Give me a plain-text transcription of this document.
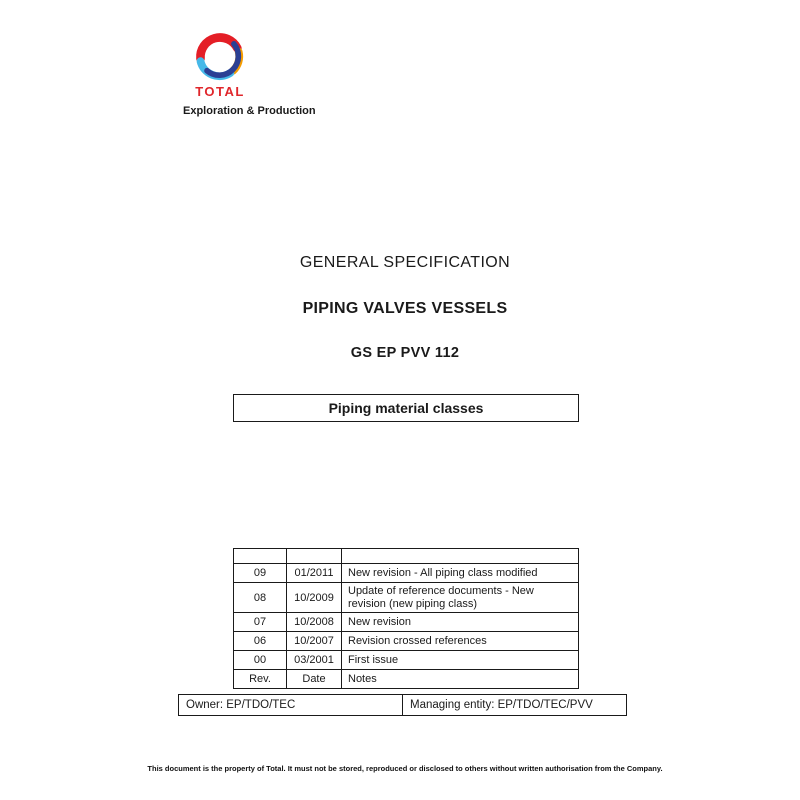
TOTAL
Exploration & Production
GENERAL SPECIFICATION
PIPING VALVES VESSELS
GS EP PVV 112
Piping material classes

09	01/2011	New revision - All piping class modified
08	10/2009	Update of reference documents - New revision (new piping class)
07	10/2008	New revision
06	10/2007	Revision crossed references
00	03/2001	First issue
Rev.	Date	Notes
Owner: EP/TDO/TEC	Managing entity: EP/TDO/TEC/PVV
This document is the property of Total. It must not be stored, reproduced or disclosed to others without written authorisation from the Company.
